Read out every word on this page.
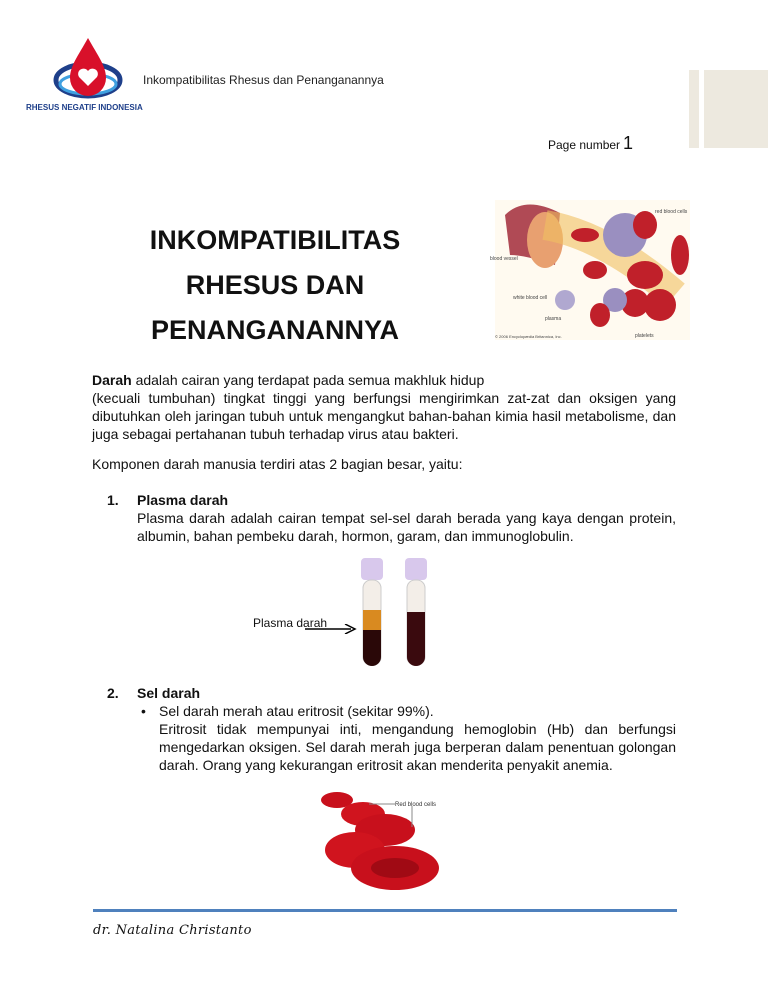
RHESUS NEGATIF INDONESIA
Inkompatibilitas Rhesus dan Penanganannya
Page number 1
INKOMPATIBILITAS
RHESUS DAN
PENANGANANNYA
red blood cells
blood vessel
white blood cell
plasma
platelets
© 2006 Encyclopædia Britannica, Inc.
Darah adalah cairan yang terdapat pada semua makhluk hidup
(kecuali tumbuhan) tingkat tinggi yang berfungsi mengirimkan zat-zat dan oksigen yang dibutuhkan oleh jaringan tubuh untuk mengangkut bahan-bahan kimia hasil metabolisme, dan juga sebagai pertahanan tubuh terhadap virus atau bakteri.
Komponen darah manusia terdiri atas 2 bagian besar, yaitu:
1. Plasma darah
Plasma darah adalah cairan tempat sel-sel darah berada yang kaya dengan protein, albumin, bahan pembeku darah, hormon, garam, dan immunoglobulin.
Plasma darah
2. Sel darah
• Sel darah merah atau eritrosit (sekitar 99%).
Eritrosit tidak mempunyai inti, mengandung hemoglobin (Hb) dan berfungsi mengedarkan oksigen. Sel darah merah juga berperan dalam penentuan golongan darah. Orang yang kekurangan eritrosit akan menderita penyakit anemia.
Red blood cells
dr. Natalina Christanto
